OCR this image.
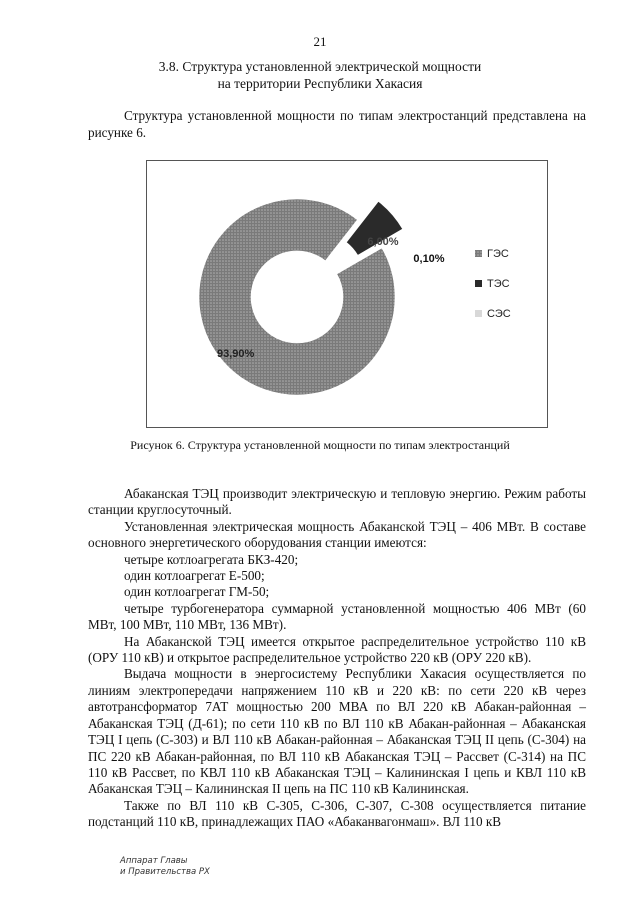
21
3.8. Структура установленной электрической мощности
на территории Республики Хакасия
Структура установленной мощности по типам электростанций представлена на рисунке 6.
93,90%
6,00%
0,10%	ГЭС
ТЭС
СЭС
Рисунок 6. Структура установленной мощности по типам электростанций

Абаканская ТЭЦ производит электрическую и тепловую энергию. Режим работы станции круглосуточный.

Установленная электрическая мощность Абаканской ТЭЦ – 406 МВт. В составе основного энергетического оборудования станции имеются:

четыре котлоагрегата БКЗ-420;

один котлоагрегат Е-500;

один котлоагрегат ГМ-50;

четыре турбогенератора суммарной установленной мощностью 406 МВт (60 МВт, 100 МВт, 110 МВт, 136 МВт).

На Абаканской ТЭЦ имеется открытое распределительное устройство 110 кВ (ОРУ 110 кВ) и открытое распределительное устройство 220 кВ (ОРУ 220 кВ).

Выдача мощности в энергосистему Республики Хакасия осуществляется по линиям электропередачи напряжением 110 кВ и 220 кВ: по сети 220 кВ через автотрансформатор 7АТ мощностью 200 МВА по ВЛ 220 кВ Абакан-районная – Абаканская ТЭЦ (Д-61); по сети 110 кВ по ВЛ 110 кВ Абакан-районная – Абаканская ТЭЦ I цепь (С-303) и ВЛ 110 кВ Абакан-районная – Абаканская ТЭЦ II цепь (С-304) на ПС 220 кВ Абакан-районная, по ВЛ 110 кВ Абаканская ТЭЦ – Рассвет (С-314) на ПС 110 кВ Рассвет, по КВЛ 110 кВ Абаканская ТЭЦ – Калининская I цепь и КВЛ 110 кВ Абаканская ТЭЦ – Калининская II цепь на ПС 110 кВ Калининская.

Также по ВЛ 110 кВ С-305, С-306, С-307, С-308 осуществляется питание подстанций 110 кВ, принадлежащих ПАО «Абаканвагонмаш». ВЛ 110 кВ

Аппарат Главы
и Правительства РХ
